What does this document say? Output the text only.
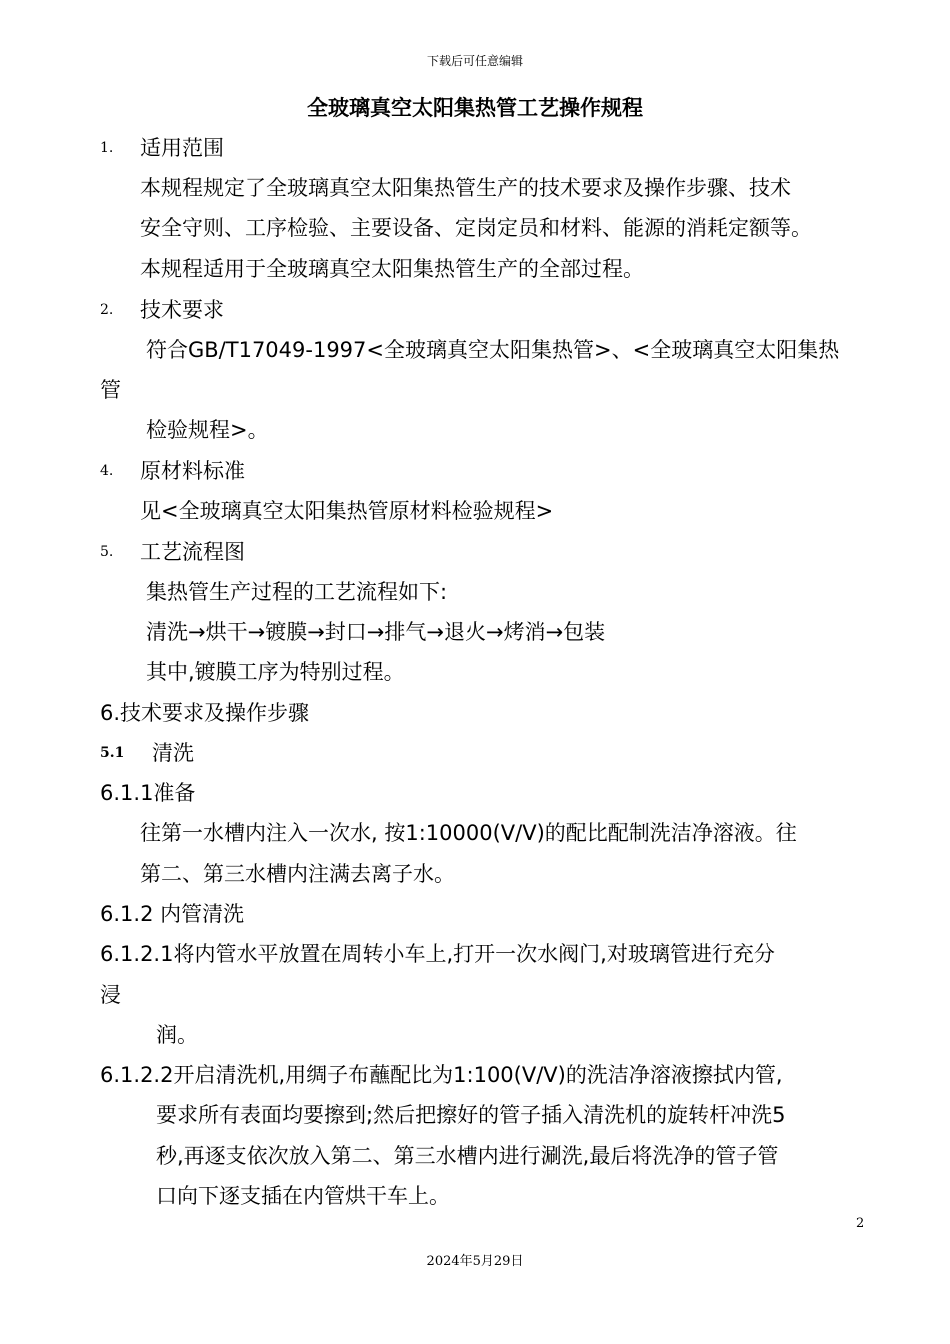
下载后可任意编辑
全玻璃真空太阳集热管工艺操作规程
1. 适用范围
本规程规定了全玻璃真空太阳集热管生产的技术要求及操作步骤、技术
安全守则、工序检验、主要设备、定岗定员和材料、能源的消耗定额等。
本规程适用于全玻璃真空太阳集热管生产的全部过程。
2. 技术要求
符合GB/T17049-1997<全玻璃真空太阳集热管>、<全玻璃真空太阳集热
管
检验规程>。
4. 原材料标准
见<全玻璃真空太阳集热管原材料检验规程>
5. 工艺流程图
集热管生产过程的工艺流程如下:
清洗→烘干→镀膜→封口→排气→退火→烤消→包装
其中,镀膜工序为特别过程。
6.技术要求及操作步骤
5.1 清洗
6.1.1准备
往第一水槽内注入一次水, 按1:10000(V/V)的配比配制洗洁净溶液。往
第二、第三水槽内注满去离子水。
6.1.2 内管清洗
6.1.2.1将内管水平放置在周转小车上,打开一次水阀门,对玻璃管进行充分
浸
润。
6.1.2.2开启清洗机,用绸子布蘸配比为1:100(V/V)的洗洁净溶液擦拭内管,
要求所有表面均要擦到;然后把擦好的管子插入清洗机的旋转杆冲洗5
秒,再逐支依次放入第二、第三水槽内进行涮洗,最后将洗净的管子管
口向下逐支插在内管烘干车上。
2
2024年5月29日
